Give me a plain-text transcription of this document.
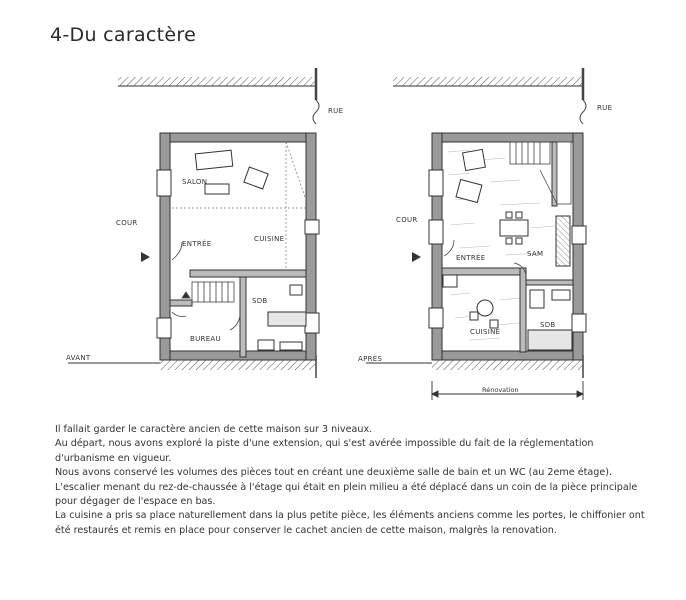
4-Du caractère
RUE
COUR
SALON
ENTRÉE
CUISINE
SDB
BUREAU
AVANT
RUE
COUR
ENTRÉE	SAM
CUISINE
SDB
APRÈS
Rénovation

Il fallait garder le caractère ancien de cette maison sur 3 niveaux.

Au départ, nous avons exploré la piste d'une extension, qui s'est avérée impossible du fait de la réglementation d'urbanisme en vigueur.

Nous avons conservé les volumes des pièces tout en créant une deuxième salle de bain et un WC (au 2eme étage).

L'escalier menant du rez-de-chaussée à l'étage qui était en plein milieu a été déplacé dans un coin de la pièce principale pour dégager de l'espace en bas.

La cuisine a pris sa place naturellement dans la plus petite pièce, les éléments anciens comme les portes, le chiffonier ont été restaurés et remis en place pour conserver le cachet ancien de cette maison, malgrès la renovation.
